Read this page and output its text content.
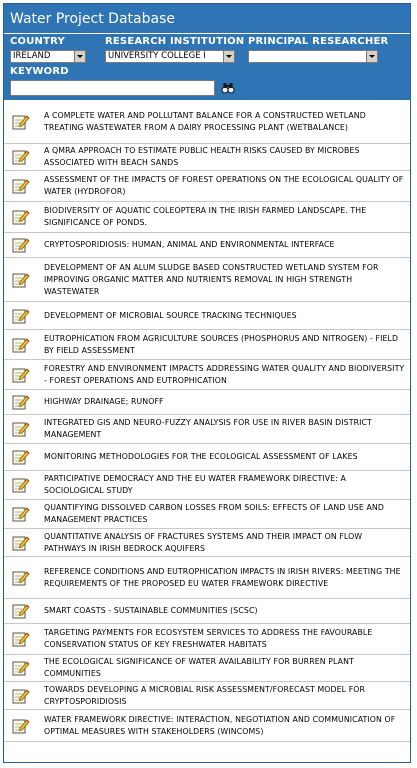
Water Project Database
COUNTRY
IRELAND
RESEARCH INSTITUTION
UNIVERSITY COLLEGE I
PRINCIPAL RESEARCHER
KEYWORD
A COMPLETE WATER AND POLLUTANT BALANCE FOR A CONSTRUCTED WETLAND TREATING WASTEWATER FROM A DAIRY PROCESSING PLANT (WETBALANCE)
A QMRA APPROACH TO ESTIMATE PUBLIC HEALTH RISKS CAUSED BY MICROBES ASSOCIATED WITH BEACH SANDS
ASSESSMENT OF THE IMPACTS OF FOREST OPERATIONS ON THE ECOLOGICAL QUALITY OF WATER (HYDROFOR)
BIODIVERSITY OF AQUATIC COLEOPTERA IN THE IRISH FARMED LANDSCAPE. THE SIGNIFICANCE OF PONDS.
CRYPTOSPORIDIOSIS: HUMAN, ANIMAL AND ENVIRONMENTAL INTERFACE
DEVELOPMENT OF AN ALUM SLUDGE BASED CONSTRUCTED WETLAND SYSTEM FOR IMPROVING ORGANIC MATTER AND NUTRIENTS REMOVAL IN HIGH STRENGTH WASTEWATER
DEVELOPMENT OF MICROBIAL SOURCE TRACKING TECHNIQUES
EUTROPHICATION FROM AGRICULTURE SOURCES (PHOSPHORUS AND NITROGEN) - FIELD BY FIELD ASSESSMENT
FORESTRY AND ENVIRONMENT IMPACTS ADDRESSING WATER QUALITY AND BIODIVERSITY - FOREST OPERATIONS AND EUTROPHICATION
HIGHWAY DRAINAGE; RUNOFF
INTEGRATED GIS AND NEURO-FUZZY ANALYSIS FOR USE IN RIVER BASIN DISTRICT MANAGEMENT
MONITORING METHODOLOGIES FOR THE ECOLOGICAL ASSESSMENT OF LAKES
PARTICIPATIVE DEMOCRACY AND THE EU WATER FRAMEWORK DIRECTIVE: A SOCIOLOGICAL STUDY
QUANTIFYING DISSOLVED CARBON LOSSES FROM SOILS: EFFECTS OF LAND USE AND MANAGEMENT PRACTICES
QUANTITATIVE ANALYSIS OF FRACTURES SYSTEMS AND THEIR IMPACT ON FLOW PATHWAYS IN IRISH BEDROCK AQUIFERS
REFERENCE CONDITIONS AND EUTROPHICATION IMPACTS IN IRISH RIVERS: MEETING THE REQUIREMENTS OF THE PROPOSED EU WATER FRAMEWORK DIRECTIVE
SMART COASTS - SUSTAINABLE COMMUNITIES (SCSC)
TARGETING PAYMENTS FOR ECOSYSTEM SERVICES TO ADDRESS THE FAVOURABLE CONSERVATION STATUS OF KEY FRESHWATER HABITATS
THE ECOLOGICAL SIGNIFICANCE OF WATER AVAILABILITY FOR BURREN PLANT COMMUNITIES
TOWARDS DEVELOPING A MICROBIAL RISK ASSESSMENT/FORECAST MODEL FOR CRYPTOSPORIDIOSIS
WATER FRAMEWORK DIRECTIVE: INTERACTION, NEGOTIATION AND COMMUNICATION OF OPTIMAL MEASURES WITH STAKEHOLDERS (WINCOMS)
